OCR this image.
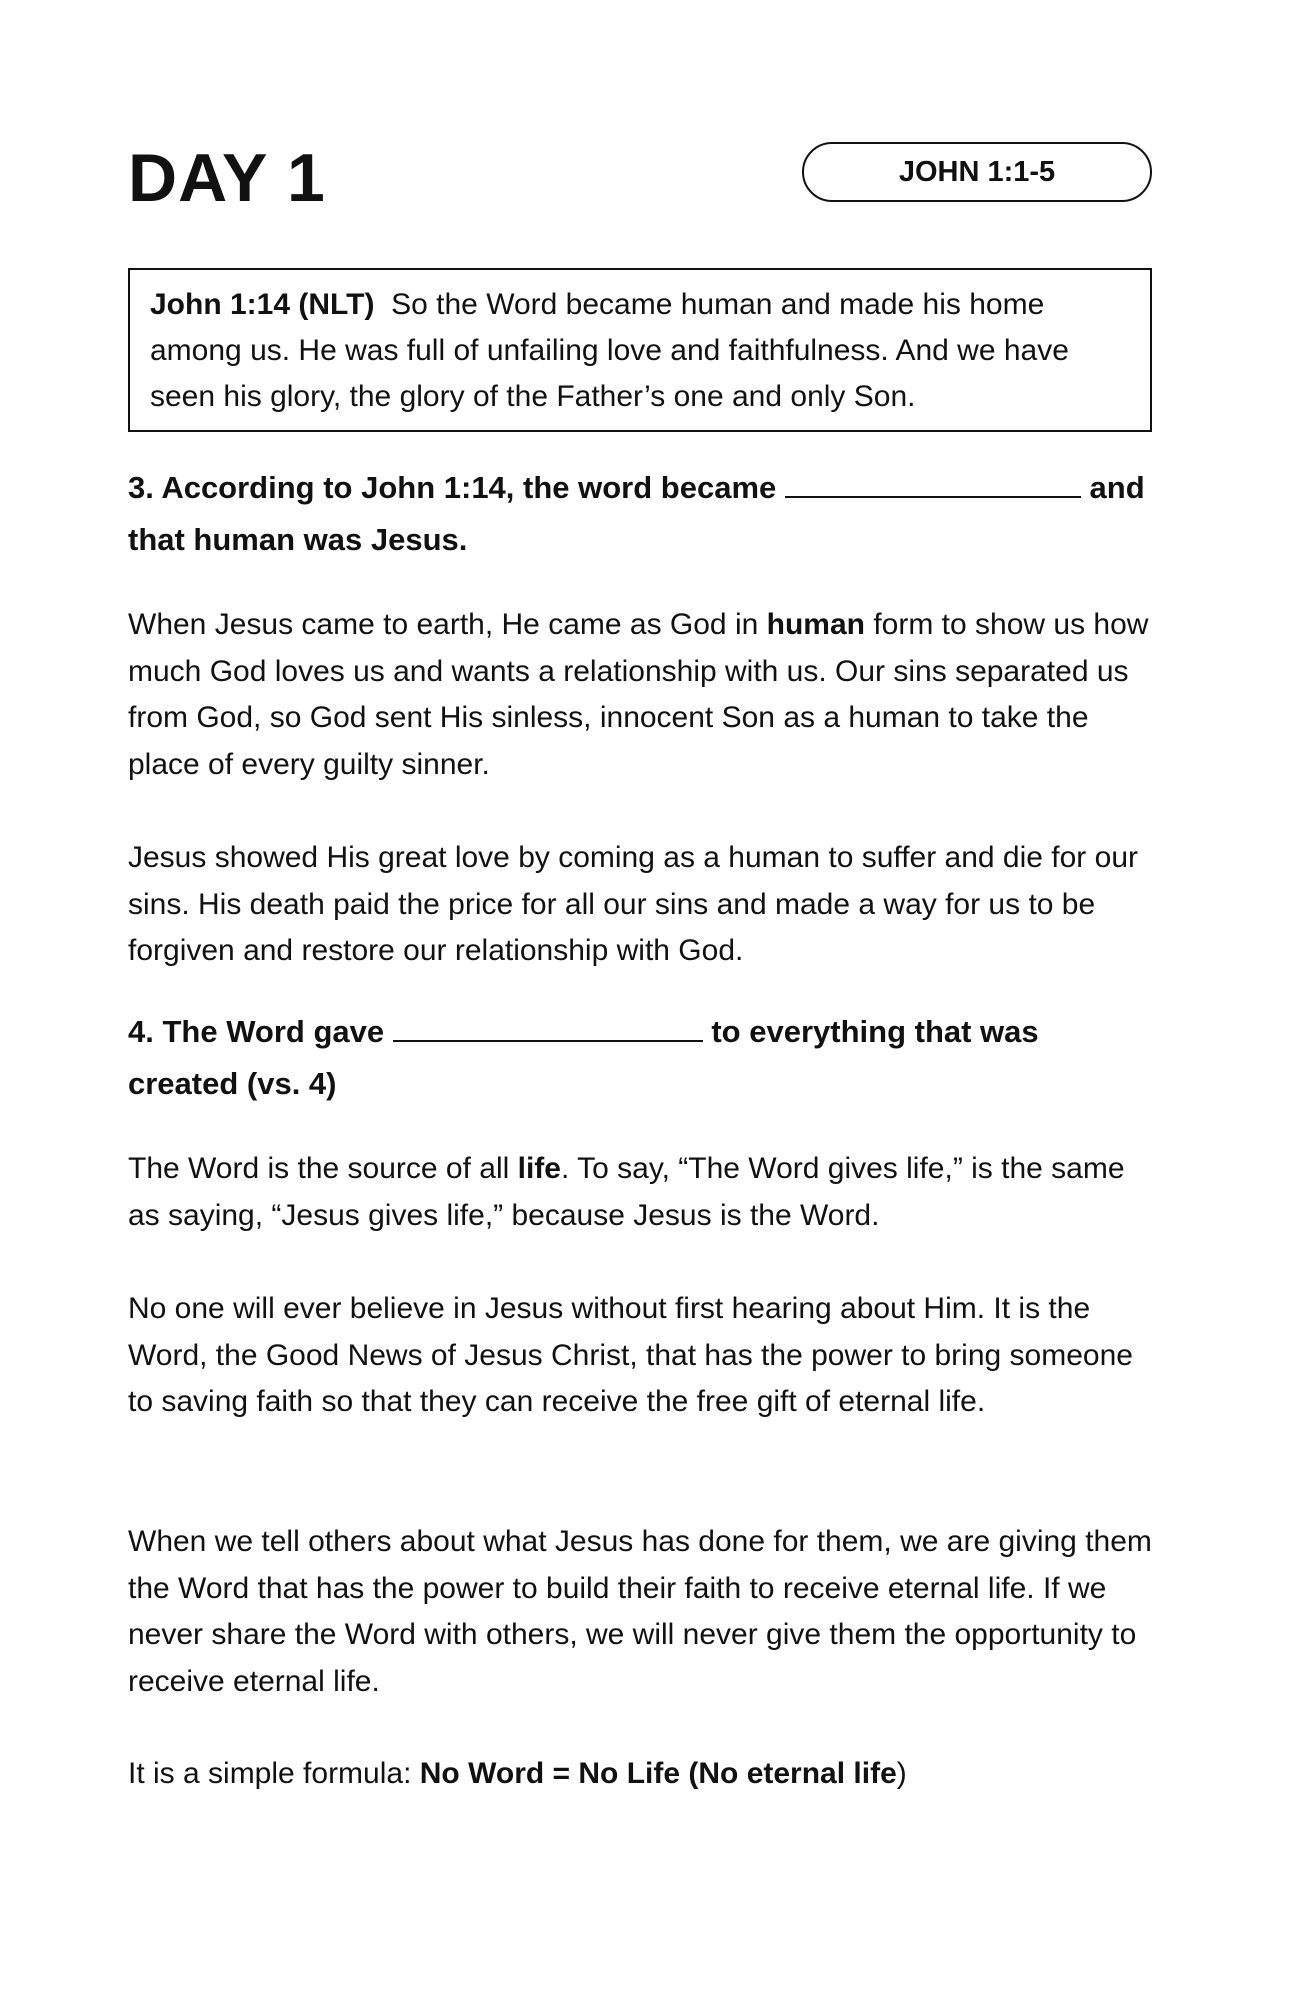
DAY 1	JOHN 1:1-5
John 1:14 (NLT) So the Word became human and made his home among us. He was full of unfailing love and faithfulness. And we have seen his glory, the glory of the Father’s one and only Son.

3. According to John 1:14, the word became	and that human was Jesus.

When Jesus came to earth, He came as God in human form to show us how much God loves us and wants a relationship with us. Our sins separated us from God, so God sent His sinless, innocent Son as a human to take the place of every guilty sinner.

Jesus showed His great love by coming as a human to suffer and die for our sins. His death paid the price for all our sins and made a way for us to be forgiven and restore our relationship with God.

4. The Word gave	to everything that was created (vs. 4)

The Word is the source of all life. To say, “The Word gives life,” is the same as saying, “Jesus gives life,” because Jesus is the Word.

No one will ever believe in Jesus without first hearing about Him. It is the Word, the Good News of Jesus Christ, that has the power to bring someone to saving faith so that they can receive the free gift of eternal life.

When we tell others about what Jesus has done for them, we are giving them the Word that has the power to build their faith to receive eternal life. If we never share the Word with others, we will never give them the opportunity to receive eternal life.

It is a simple formula: No Word = No Life (No eternal life)
